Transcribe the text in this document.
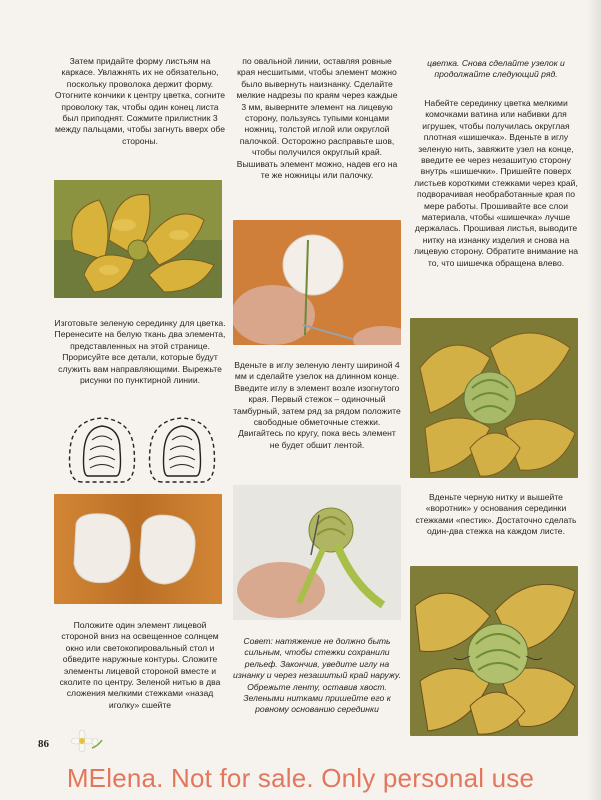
Затем придайте форму листьям на каркасе. Увлажнять их не обязательно, поскольку проволока держит форму. Отогните кончики к центру цветка, согните проволоку так, чтобы один конец листа был приподнят. Сожмите прилистник 3 между пальцами, чтобы загнуть вверх обе стороны.

Изготовьте зеленую серединку для цветка. Перенесите на белую ткань два элемента, представленных на этой странице. Прорисуйте все детали, которые будут служить вам направляющими. Вырежьте рисунки по пунктирной линии.

Положите один элемент лицевой стороной вниз на освещенное солнцем окно или светокопировальный стол и обведите наружные контуры. Сложите элементы лицевой стороной вместе и сколите по центру. Зеленой нитью в два сложения мелкими стежками «назад иголку» сшейте

по овальной линии, оставляя ровные края несшитыми, чтобы элемент можно было вывернуть наизнанку. Сделайте мелкие надрезы по краям через каждые 3 мм, выверните элемент на лицевую сторону, пользуясь тупыми концами ножниц, толстой иглой или округлой палочкой. Осторожно расправьте шов, чтобы получился округлый край. Вышивать элемент можно, надев его на те же ножницы или палочку.

Вденьте в иглу зеленую ленту шириной 4 мм и сделайте узелок на длинном конце. Введите иглу в элемент возле изогнутого края. Первый стежок – одиночный тамбурный, затем ряд за рядом положите свободные обметочные стежки. Двигайтесь по кругу, пока весь элемент не будет обшит лентой.

Совет: натяжение не должно быть сильным, чтобы стежки сохранили рельеф. Закончив, уведите иглу на изнанку и через незашитый край наружу. Обрежьте ленту, оставив хвост. Зелеными нитками пришейте его к ровному основанию серединки

цветка. Снова сделайте узелок и продолжайте следующий ряд.

Набейте серединку цветка мелкими комочками ватина или набивки для игрушек, чтобы получилась округлая плотная «шишечка». Вденьте в иглу зеленую нить, завяжите узел на конце, введите ее через незашитую сторону внутрь «шишечки». Пришейте поверх листьев короткими стежками через край, подворачивая необработанные края по мере работы. Прошивайте все слои материала, чтобы «шишечка» лучше держалась. Прошивая листья, выводите нитку на изнанку изделия и снова на лицевую сторону. Обратите внимание на то, что шишечка обращена влево.

Вденьте черную нитку и вышейте «воротник» у основания серединки стежками «пестик». Достаточно сделать один-два стежка на каждом листе.

86
MElena. Not for sale. Only personal use
